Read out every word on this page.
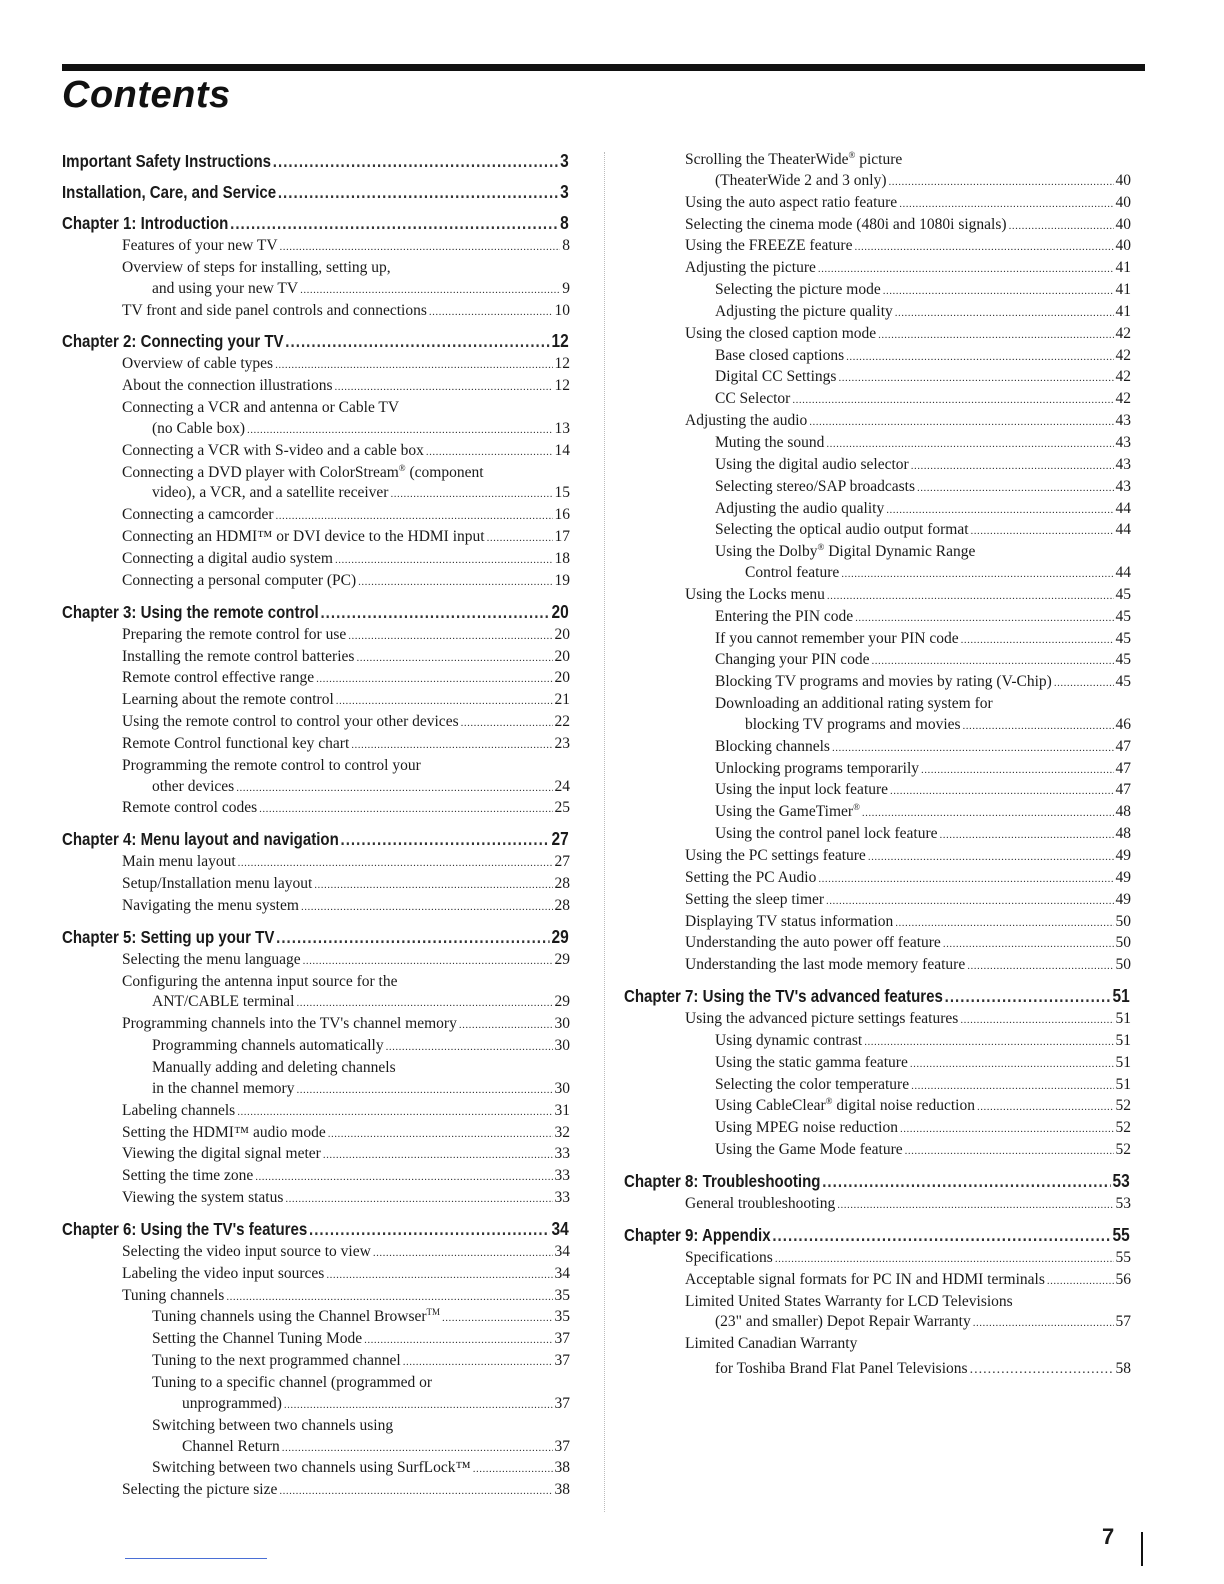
Contents
Important Safety Instructions .....	3
Installation, Care, and Service .....	3
Chapter 1: Introduction .....	8
Features of your new TV .....	8
Overview of steps for installing, setting up,
and using your new TV .....	9
TV front and side panel controls and connections .....	10
Chapter 2: Connecting your TV .....	12
Overview of cable types .....	12
About the connection illustrations .....	12
Connecting a VCR and antenna or Cable TV
(no Cable box) .....	13
Connecting a VCR with S-video and a cable box .....	14
Connecting a DVD player with ColorStream® (component
video), a VCR, and a satellite receiver .....	15
Connecting a camcorder .....	16
Connecting an HDMI™ or DVI device to the HDMI input .....	17
Connecting a digital audio system .....	18
Connecting a personal computer (PC) .....	19
Chapter 3: Using the remote control .....	20
Preparing the remote control for use .....	20
Installing the remote control batteries .....	20
Remote control effective range .....	20
Learning about the remote control .....	21
Using the remote control to control your other devices .....	22
Remote Control functional key chart .....	23
Programming the remote control to control your
other devices .....	24
Remote control codes .....	25
Chapter 4: Menu layout and navigation .....	27
Main menu layout .....	27
Setup/Installation menu layout .....	28
Navigating the menu system .....	28
Chapter 5: Setting up your TV .....	29
Selecting the menu language .....	29
Configuring the antenna input source for the
ANT/CABLE terminal .....	29
Programming channels into the TV's channel memory .....	30
Programming channels automatically .....	30
Manually adding and deleting channels
in the channel memory .....	30
Labeling channels .....	31
Setting the HDMI™ audio mode .....	32
Viewing the digital signal meter .....	33
Setting the time zone .....	33
Viewing the system status .....	33
Chapter 6: Using the TV's features .....	34
Selecting the video input source to view .....	34
Labeling the video input sources .....	34
Tuning channels .....	35
Tuning channels using the Channel Browser™ .....	35
Setting the Channel Tuning Mode .....	37
Tuning to the next programmed channel .....	37
Tuning to a specific channel (programmed or
unprogrammed) .....	37
Switching between two channels using
Channel Return .....	37
Switching between two channels using SurfLock™ .....	38
Selecting the picture size .....	38
Scrolling the TheaterWide® picture
(TheaterWide 2 and 3 only) .....	40
Using the auto aspect ratio feature .....	40
Selecting the cinema mode (480i and 1080i signals) .....	40
Using the FREEZE feature .....	40
Adjusting the picture .....	41
Selecting the picture mode .....	41
Adjusting the picture quality .....	41
Using the closed caption mode .....	42
Base closed captions .....	42
Digital CC Settings .....	42
CC Selector .....	42
Adjusting the audio .....	43
Muting the sound .....	43
Using the digital audio selector .....	43
Selecting stereo/SAP broadcasts .....	43
Adjusting the audio quality .....	44
Selecting the optical audio output format .....	44
Using the Dolby® Digital Dynamic Range
Control feature .....	44
Using the Locks menu .....	45
Entering the PIN code .....	45
If you cannot remember your PIN code .....	45
Changing your PIN code .....	45
Blocking TV programs and movies by rating (V-Chip) .....	45
Downloading an additional rating system for
blocking TV programs and movies .....	46
Blocking channels .....	47
Unlocking programs temporarily .....	47
Using the input lock feature .....	47
Using the GameTimer® .....	48
Using the control panel lock feature .....	48
Using the PC settings feature .....	49
Setting the PC Audio .....	49
Setting the sleep timer .....	49
Displaying TV status information .....	50
Understanding the auto power off feature .....	50
Understanding the last mode memory feature .....	50
Chapter 7: Using the TV's advanced features .....	51
Using the advanced picture settings features .....	51
Using dynamic contrast .....	51
Using the static gamma feature .....	51
Selecting the color temperature .....	51
Using CableClear® digital noise reduction .....	52
Using MPEG noise reduction .....	52
Using the Game Mode feature .....	52
Chapter 8: Troubleshooting .....	53
General troubleshooting .....	53
Chapter 9: Appendix .....	55
Specifications .....	55
Acceptable signal formats for PC IN and HDMI terminals .....	56
Limited United States Warranty for LCD Televisions
(23" and smaller) Depot Repair Warranty .....	57
Limited Canadian Warranty
for Toshiba Brand Flat Panel Televisions .....	58
7
